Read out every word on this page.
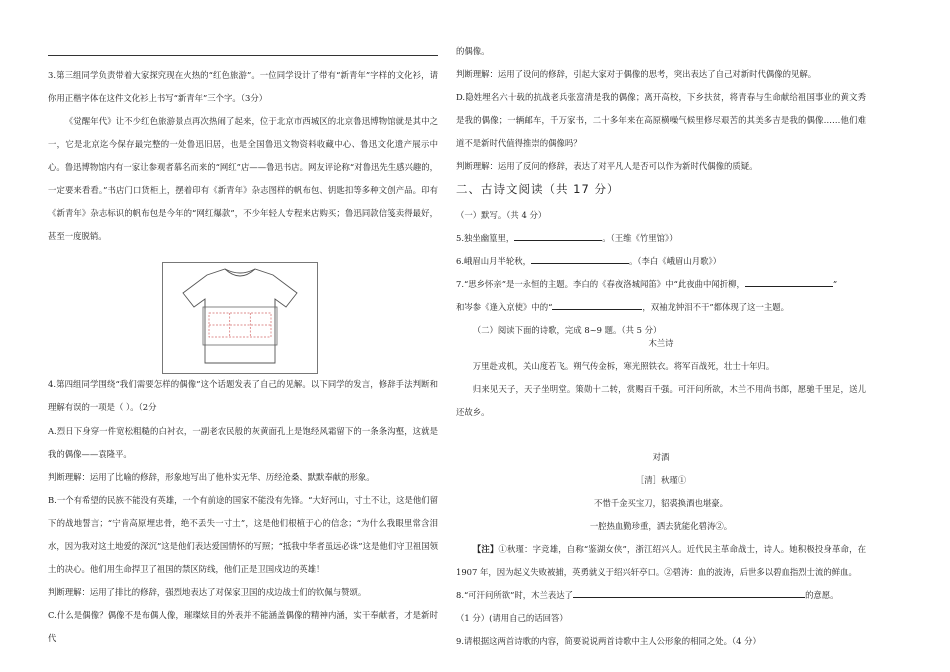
3.第三组同学负责带着大家探究现在火热的“红色旅游”。一位同学设计了带有“新青年”字样的文化衫，请你用正楷字体在这件文化衫上书写“新青年”三个字。（3分）

《觉醒年代》让不少红色旅游景点再次热闹了起来，位于北京市西城区的北京鲁迅博物馆就是其中之一，它是北京迄今保存最完整的一处鲁迅旧居，也是全国鲁迅文物资料收藏中心、鲁迅文化遗产展示中心。鲁迅博物馆内有一家让参观者慕名而来的“网红”店——鲁迅书店。网友评论称“对鲁迅先生感兴趣的，一定要来看看。”书店门口货柜上，摆着印有《新青年》杂志图样的帆布包、钥匙扣等多种文创产品。印有《新青年》杂志标识的帆布包是今年的“网红爆款”，不少年轻人专程来店购买；鲁迅同款信笺卖得最好，甚至一度脱销。

4.第四组同学围绕“我们需要怎样的偶像”这个话题发表了自己的见解。以下同学的发言，修辞手法判断和理解有误的一项是（ ）。（2分

A.烈日下身穿一件宽松粗糙的白衬衣，一副老农民般的灰黄面孔上是饱经风霜留下的一条条沟壑，这就是我的偶像——袁隆平。

判断理解：运用了比喻的修辞，形象地写出了他朴实无华、历经沧桑、默默奉献的形象。

B.一个有希望的民族不能没有英雄，一个有前途的国家不能没有先锋。“大好河山，寸土不让，这是他们留下的战地誓言；“宁肯高原埋忠骨，绝不丢失一寸土”，这是他们根植于心的信念；“为什么我眼里常含泪水，因为我对这土地爱的深沉”这是他们表达爱国情怀的写照；“抵我中华者虽远必诛”这是他们守卫祖国领土的决心。他们用生命捍卫了祖国的禁区防线，他们正是卫国戍边的英雄！

判断理解：运用了排比的修辞，强烈地表达了对保家卫国的戍边战士们的钦佩与赞颂。

C.什么是偶像？偶像不是布偶人像，璀璨炫目的外表并不能涵盖偶像的精神内涵，实干奉献者，才是新时代

的偶像。

判断理解：运用了设问的修辞，引起大家对于偶像的思考，突出表达了自己对新时代偶像的见解。

D.隐姓埋名六十载的抗战老兵张富清是我的偶像；离开高校，下乡扶贫，将青春与生命献给祖国事业的黄文秀是我的偶像；一辆邮车，千万家书，二十多年来在高原横噪气候里修尽艰苦的其美多吉是我的偶像……他们难道不是新时代值得推崇的偶像吗？

判断理解：运用了反问的修辞，表达了对平凡人是否可以作为新时代偶像的质疑。

二、古诗文阅读（共 17 分）

（一）默写。（共 4 分）

5.独坐幽篁里，	。（王维《竹里馆》）

6.峨眉山月半轮秋，	。（李白《峨眉山月歌》）

7.“思乡怀亲”是一永恒的主题。李白的《春夜洛城闻笛》中“此夜曲中闻折柳，	”

和岑参《逢入京使》中的“	，双袖龙钟泪不干”都体现了这一主题。

（二）阅读下面的诗歌，完成 8~9 题。（共 5 分）

木兰诗

万里赴戎机，关山度若飞。朔气传金柝，寒光照铁衣。将军百战死，壮士十年归。

归来见天子，天子坐明堂。策勋十二转，赏赐百千强。可汗问所欲，木兰不用尚书郎，愿驰千里足，送儿还故乡。

对酒

［清］秋瑾①

不惜千金买宝刀，貂裘换酒也堪豪。

一腔热血勤珍重，洒去犹能化碧涛②。

【注】①秋瑾：字竞雄，自称“鉴湖女侠”，浙江绍兴人。近代民主革命战士，诗人。她积极投身革命，在 1907 年，因为起义失败被捕，英勇就义于绍兴轩亭口。②碧涛：血的波涛，后世多以碧血指烈士流的鲜血。

8.“可汗问所欲”时，木兰表达了	的意愿。

（1 分）(请用自己的话回答）

9.请根据这两首诗歌的内容，简要说说两首诗歌中主人公形象的相同之处。（4 分）
